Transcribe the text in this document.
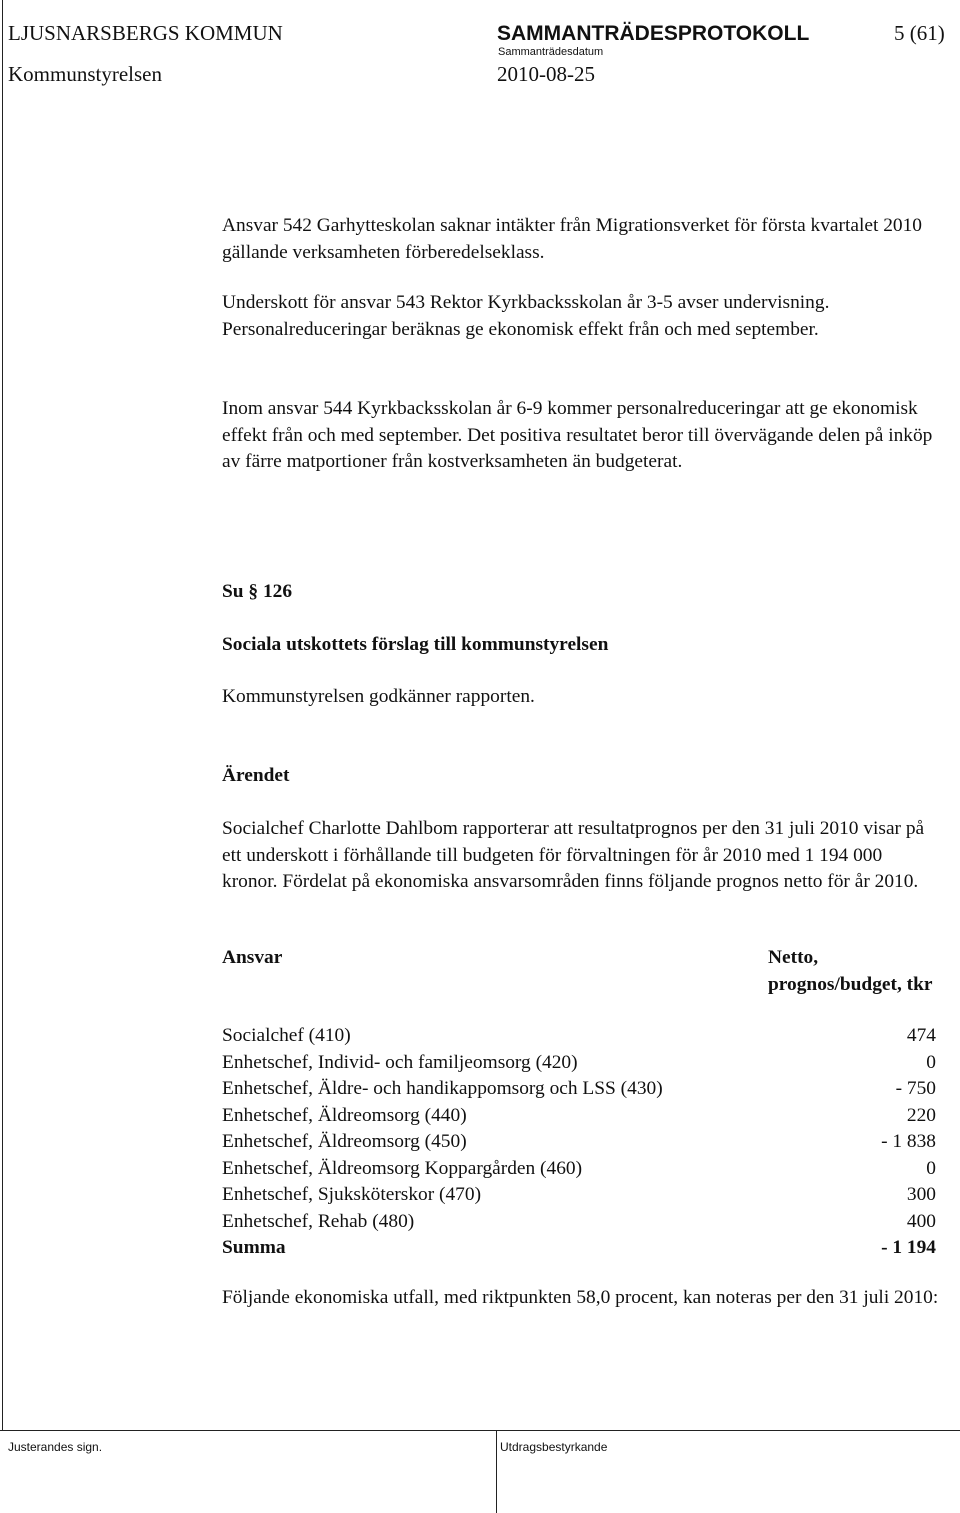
LJUSNARSBERGS KOMMUN	SAMMANTRÄDESPROTOKOLL	5 (61)
Sammanträdesdatum
Kommunstyrelsen	2010-08-25

Ansvar 542 Garhytteskolan saknar intäkter från Migrationsverket för första kvartalet 2010 gällande verksamheten förberedelseklass.

Underskott för ansvar 543 Rektor Kyrkbacksskolan år 3-5 avser undervisning. Personalreduceringar beräknas ge ekonomisk effekt från och med september.

Inom ansvar 544 Kyrkbacksskolan år 6-9 kommer personalreduceringar att ge ekonomisk effekt från och med september. Det positiva resultatet beror till övervägande delen på inköp av färre matportioner från kostverksamheten än budgeterat.

Su § 126

Sociala utskottets förslag till kommunstyrelsen

Kommunstyrelsen godkänner rapporten.

Ärendet

Socialchef Charlotte Dahlbom rapporterar att resultatprognos per den 31 juli 2010 visar på ett underskott i förhållande till budgeten för förvaltningen för år 2010 med 1 194 000 kronor. Fördelat på ekonomiska ansvarsområden finns följande prognos netto för år 2010.

Ansvar	Netto, prognos/budget, tkr
Socialchef (410)	474
Enhetschef, Individ- och familjeomsorg (420)	0
Enhetschef, Äldre- och handikappomsorg och LSS (430)	- 750
Enhetschef, Äldreomsorg (440)	220
Enhetschef, Äldreomsorg (450)	- 1 838
Enhetschef, Äldreomsorg Koppargården (460)	0
Enhetschef, Sjuksköterskor (470)	300
Enhetschef, Rehab (480)	400
Summa	- 1 194

Följande ekonomiska utfall, med riktpunkten 58,0 procent, kan noteras per den 31 juli 2010:

Justerandes sign.	Utdragsbestyrkande
